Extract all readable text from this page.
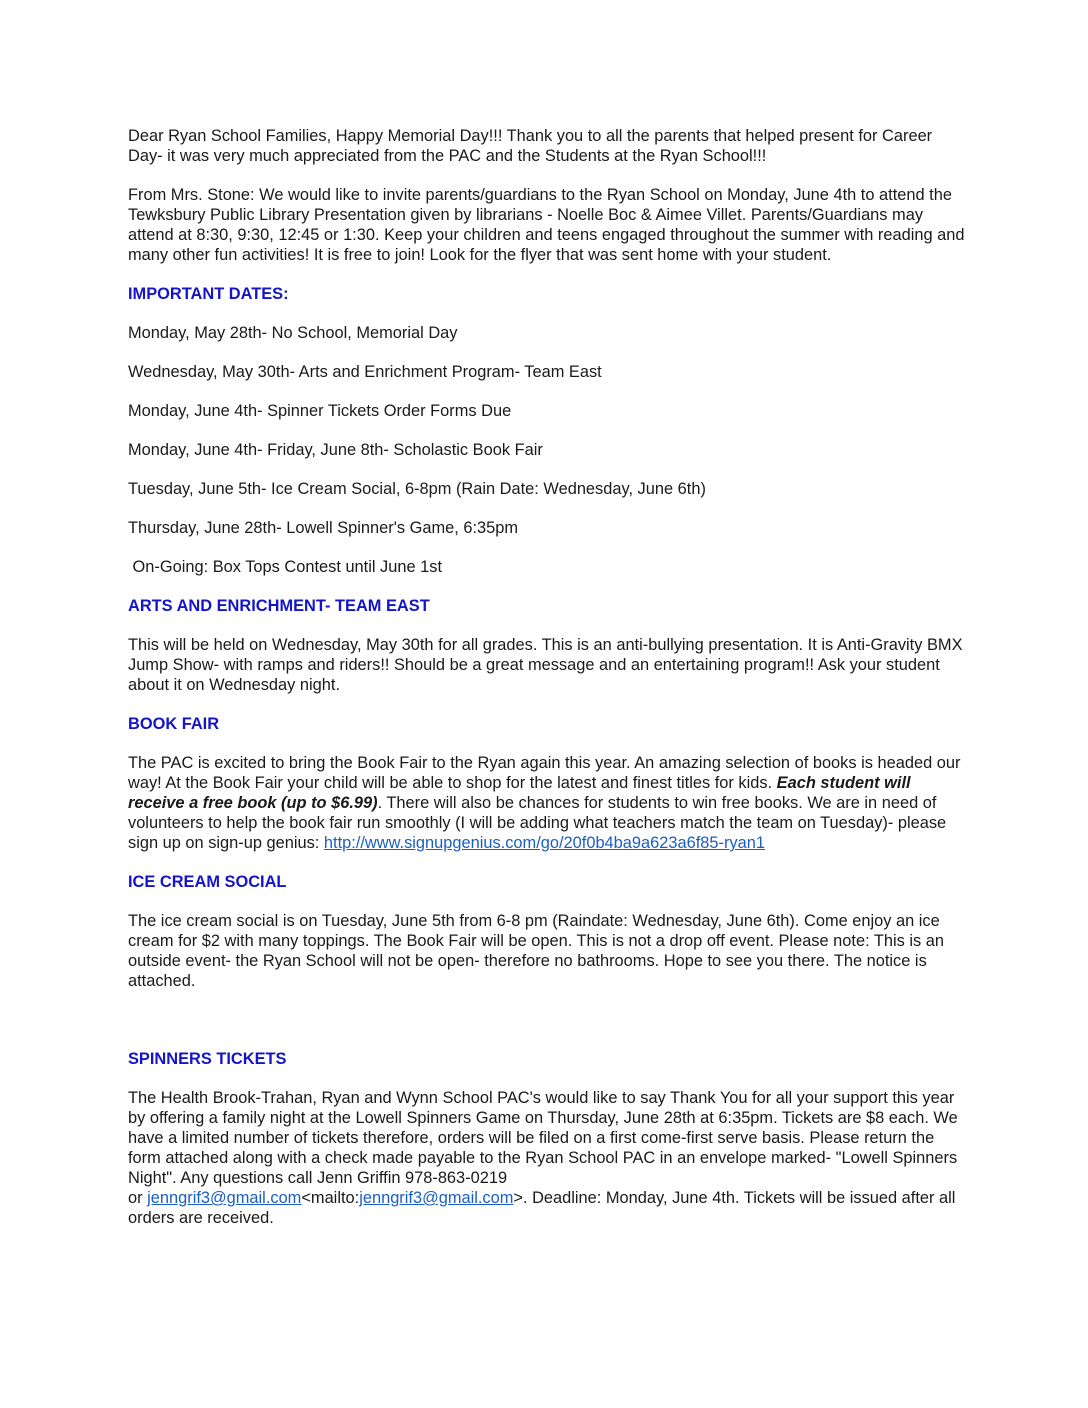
Dear Ryan School Families, Happy Memorial Day!!! Thank you to all the parents that helped present for Career Day- it was very much appreciated from the PAC and the Students at the Ryan School!!!

From Mrs. Stone: We would like to invite parents/guardians to the Ryan School on Monday, June 4th to attend the Tewksbury Public Library Presentation given by librarians - Noelle Boc & Aimee Villet. Parents/Guardians may attend at 8:30, 9:30, 12:45 or 1:30. Keep your children and teens engaged throughout the summer with reading and many other fun activities! It is free to join! Look for the flyer that was sent home with your student.

IMPORTANT DATES:

Monday, May 28th- No School, Memorial Day

Wednesday, May 30th- Arts and Enrichment Program- Team East

Monday, June 4th- Spinner Tickets Order Forms Due

Monday, June 4th- Friday, June 8th- Scholastic Book Fair

Tuesday, June 5th- Ice Cream Social, 6-8pm (Rain Date: Wednesday, June 6th)

Thursday, June 28th- Lowell Spinner's Game, 6:35pm

On-Going: Box Tops Contest until June 1st

ARTS AND ENRICHMENT- TEAM EAST

This will be held on Wednesday, May 30th for all grades. This is an anti-bullying presentation. It is Anti-Gravity BMX Jump Show- with ramps and riders!! Should be a great message and an entertaining program!! Ask your student about it on Wednesday night.

BOOK FAIR

The PAC is excited to bring the Book Fair to the Ryan again this year. An amazing selection of books is headed our way! At the Book Fair your child will be able to shop for the latest and finest titles for kids. Each student will receive a free book (up to $6.99). There will also be chances for students to win free books. We are in need of volunteers to help the book fair run smoothly (I will be adding what teachers match the team on Tuesday)- please sign up on sign-up genius: http://www.signupgenius.com/go/20f0b4ba9a623a6f85-ryan1

ICE CREAM SOCIAL

The ice cream social is on Tuesday, June 5th from 6-8 pm (Raindate: Wednesday, June 6th). Come enjoy an ice cream for $2 with many toppings. The Book Fair will be open. This is not a drop off event. Please note: This is an outside event- the Ryan School will not be open- therefore no bathrooms. Hope to see you there. The notice is attached.

SPINNERS TICKETS

The Health Brook-Trahan, Ryan and Wynn School PAC's would like to say Thank You for all your support this year by offering a family night at the Lowell Spinners Game on Thursday, June 28th at 6:35pm. Tickets are $8 each. We have a limited number of tickets therefore, orders will be filed on a first come-first serve basis. Please return the form attached along with a check made payable to the Ryan School PAC in an envelope marked- "Lowell Spinners Night". Any questions call Jenn Griffin 978-863-0219
or jenngrif3@gmail.com<mailto:jenngrif3@gmail.com>. Deadline: Monday, June 4th. Tickets will be issued after all orders are received.
